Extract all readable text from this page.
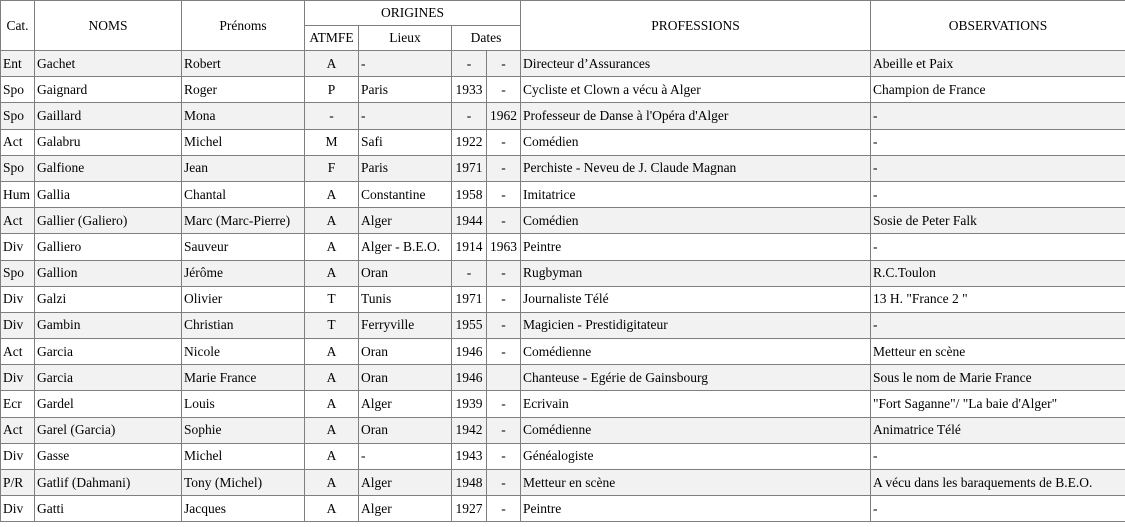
Cat.	NOMS	Prénoms	ORIGINES				PROFESSIONS	OBSERVATIONS
			ATMFE	Lieux	Dates			
Ent	Gachet	Robert	A	-	-	-	Directeur d’Assurances	Abeille et Paix
Spo	Gaignard	Roger	P	Paris	1933	-	Cycliste et Clown a vécu à Alger	Champion de France
Spo	Gaillard	Mona	-	-	-	1962	Professeur de Danse à l'Opéra d'Alger	-
Act	Galabru	Michel	M	Safi	1922	-	Comédien	-
Spo	Galfione	Jean	F	Paris	1971	-	Perchiste - Neveu de J. Claude Magnan	-
Hum	Gallia	Chantal	A	Constantine	1958	-	Imitatrice	-
Act	Gallier (Galiero)	Marc (Marc-Pierre)	A	Alger	1944	-	Comédien	Sosie de Peter Falk
Div	Galliero	Sauveur	A	Alger - B.E.O.	1914	1963	Peintre	-
Spo	Gallion	Jérôme	A	Oran	-	-	Rugbyman	R.C.Toulon
Div	Galzi	Olivier	T	Tunis	1971	-	Journaliste Télé	13 H. "France 2 "
Div	Gambin	Christian	T	Ferryville	1955	-	Magicien - Prestidigitateur	-
Act	Garcia	Nicole	A	Oran	1946	-	Comédienne	Metteur en scène
Div	Garcia	Marie France	A	Oran	1946		Chanteuse - Egérie de Gainsbourg	Sous le nom de Marie France
Ecr	Gardel	Louis	A	Alger	1939	-	Ecrivain	"Fort Saganne"/ "La baie d'Alger"
Act	Garel (Garcia)	Sophie	A	Oran	1942	-	Comédienne	Animatrice Télé
Div	Gasse	Michel	A	-	1943	-	Généalogiste	-
P/R	Gatlif (Dahmani)	Tony (Michel)	A	Alger	1948	-	Metteur en scène	A vécu dans les baraquements de B.E.O.
Div	Gatti	Jacques	A	Alger	1927	-	Peintre	-
